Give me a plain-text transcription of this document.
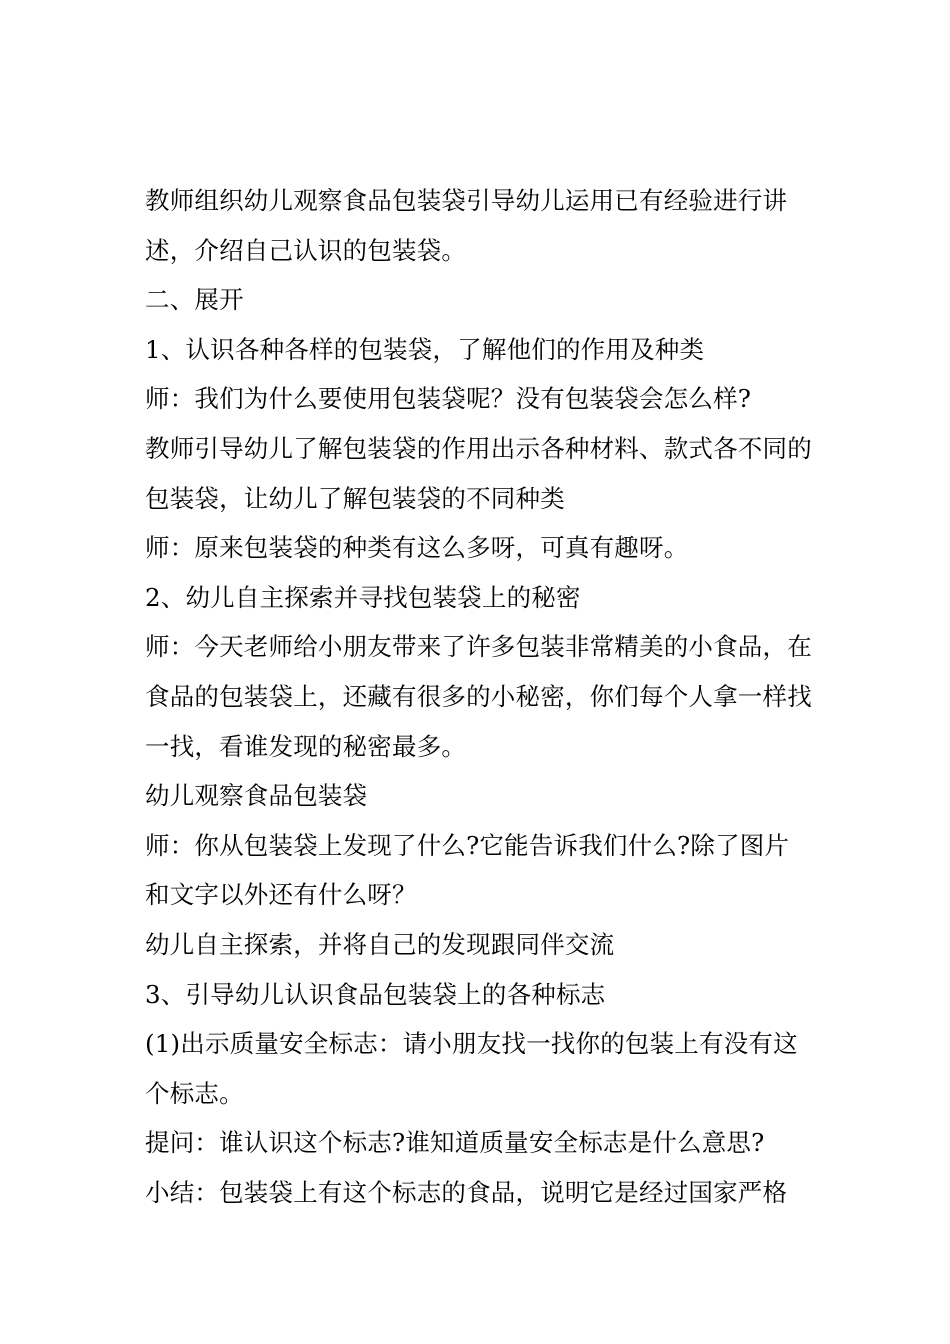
教师组织幼儿观察食品包装袋引导幼儿运用已有经验进行讲述，介绍自己认识的包装袋。

二、展开

1、认识各种各样的包装袋，了解他们的作用及种类

师：我们为什么要使用包装袋呢？没有包装袋会怎么样?

教师引导幼儿了解包装袋的作用出示各种材料、款式各不同的包装袋，让幼儿了解包装袋的不同种类

师：原来包装袋的种类有这么多呀，可真有趣呀。

2、幼儿自主探索并寻找包装袋上的秘密

师：今天老师给小朋友带来了许多包装非常精美的小食品，在食品的包装袋上，还藏有很多的小秘密，你们每个人拿一样找一找，看谁发现的秘密最多。

幼儿观察食品包装袋

师：你从包装袋上发现了什么?它能告诉我们什么?除了图片和文字以外还有什么呀？

幼儿自主探索，并将自己的发现跟同伴交流

3、引导幼儿认识食品包装袋上的各种标志

(1)出示质量安全标志：请小朋友找一找你的包装上有没有这个标志。

提问：谁认识这个标志?谁知道质量安全标志是什么意思?

小结：包装袋上有这个标志的食品，说明它是经过国家严格
